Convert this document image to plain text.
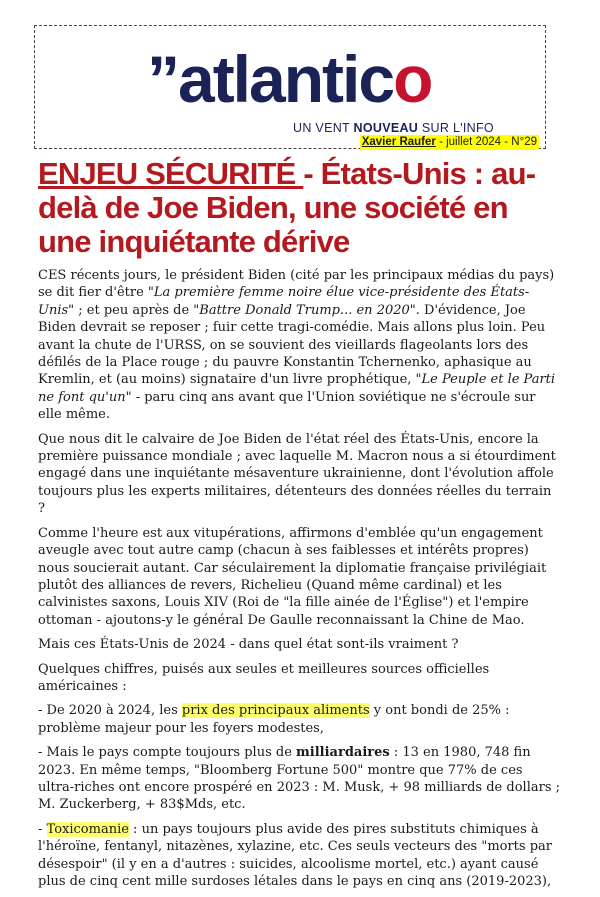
”atlantico
UN VENT NOUVEAU SUR L'INFO
Xavier Raufer - juillet 2024 - N°29
ENJEU SÉCURITÉ - États-Unis : au-delà de Joe Biden, une société en une inquiétante dérive

CES récents jours, le président Biden (cité par les principaux médias du pays) se dit fier d'être "La première femme noire élue vice-présidente des États-Unis" ; et peu après de "Battre Donald Trump... en 2020". D'évidence, Joe Biden devrait se reposer ; fuir cette tragi-comédie. Mais allons plus loin. Peu avant la chute de l'URSS, on se souvient des vieillards flageolants lors des défilés de la Place rouge ; du pauvre Konstantin Tchernenko, aphasique au Kremlin, et (au moins) signataire d'un livre prophétique, "Le Peuple et le Parti ne font qu'un" - paru cinq ans avant que l'Union soviétique ne s'écroule sur elle même.

Que nous dit le calvaire de Joe Biden de l'état réel des États-Unis, encore la première puissance mondiale ; avec laquelle M. Macron nous a si étourdiment engagé dans une inquiétante mésaventure ukrainienne, dont l'évolution affole toujours plus les experts militaires, détenteurs des données réelles du terrain ?

Comme l'heure est aux vitupérations, affirmons d'emblée qu'un engagement aveugle avec tout autre camp (chacun à ses faiblesses et intérêts propres) nous soucierait autant. Car séculairement la diplomatie française privilégiait plutôt des alliances de revers, Richelieu (Quand même cardinal) et les calvinistes saxons, Louis XIV (Roi de "la fille ainée de l'Église") et l'empire ottoman - ajoutons-y le général De Gaulle reconnaissant la Chine de Mao.

Mais ces États-Unis de 2024 - dans quel état sont-ils vraiment ?

Quelques chiffres, puisés aux seules et meilleures sources officielles américaines :

- De 2020 à 2024, les prix des principaux aliments y ont bondi de 25% : problème majeur pour les foyers modestes,

- Mais le pays compte toujours plus de milliardaires : 13 en 1980, 748 fin 2023. En même temps, "Bloomberg Fortune 500" montre que 77% de ces ultra-riches ont encore prospéré en 2023 : M. Musk, + 98 milliards de dollars ; M. Zuckerberg, + 83$Mds, etc.

- Toxicomanie : un pays toujours plus avide des pires substituts chimiques à l'héroïne, fentanyl, nitazènes, xylazine, etc. Ces seuls vecteurs des "morts par désespoir" (il y en a d'autres : suicides, alcoolisme mortel, etc.) ayant causé plus de cinq cent mille surdoses létales dans le pays en cinq ans (2019-2023),
